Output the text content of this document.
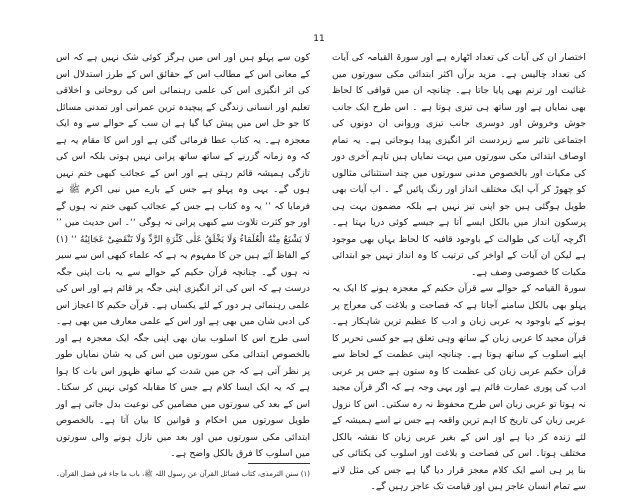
11

اختصار ان کی آیات کی تعداد اٹھارہ ہے اور سورۃ القیامہ کی آیات کی تعداد چالیس ہے۔ مزید برآں اکثر ابتدائی مکی سورتوں میں غنائیت اور ترنم بھی پایا جاتا ہے۔ چنانچہ ان میں قوافی کا لحاظ بھی نمایاں ہے اور ساتھ ہی تیزی ہوتا ہے ۔ اس طرح ایک جانب جوش وخروش اور دوسری جانب تیزی وروانی ان دونوں کی اجتماعی تاثیر سے زبردست اثر انگیزی پیدا ہوجاتی ہے۔ یہ تمام اوصاف ابتدائی مکی سورتوں میں بہت نمایاں ہیں تاہم آخری دور کی مکیات اور بالخصوص مدنی سورتوں میں چند استثنائی مثالوں کو چھوڑ کر آپ ایک مختلف انداز اور رنگ پائیں گے ۔ اب آیات بھی طویل ہوگئی ہیں جو اپنی تیز نہیں ہے بلکہ مضمون بہت ہی پرسکون انداز میں بالکل ایسے آتا ہے جیسے کوئی دریا بہتا ہے۔ اگرچہ آیات کی طوالت کے باوجود قافیہ کا لحاظ یہاں بھی موجود ہے لیکن ان آیات کے اواخر کی ترتیب کا وہ انداز نہیں جو ابتدائی مکیات کا خصوصی وصف ہے۔

سورۃ القیامہ کے حوالے سے قرآن حکیم کے معجزہ ہونے کا ایک یہ پہلو بھی بالکل سامنے آجاتا ہے کہ فصاحت و بلاغت کی معراج پر ہونے کے باوجود یہ عربی زبان و ادب کا عظیم ترین شاہکار ہے۔ قرآن مجید کا عربی زبان کے ساتھ وہی تعلق ہے جو کسی تحریر کا اپنے اسلوب کے ساتھ ہوتا ہے۔ چنانچہ اپنی عظمت کے لحاظ سے قرآن حکیم عربی زبان کی عظمت کا وہ ستون ہے جس پر عربی ادب کی پوری عمارت قائم ہے اور یہی وجہ ہے کہ اگر قرآن مجید نہ ہوتا تو عربی زبان اس طرح محفوظ نہ رہ سکتی۔ اس کا نزول عربی زبان کی تاریخ کا اہم ترین واقعہ ہے جس نے اسے ہمیشہ کے لئے زندہ کر دیا ہے اور اس کے بغیر عربی زبان کا نقشہ بالکل مختلف ہوتا۔ اس کی فصاحت و بلاغت اور اسلوب کی یکتائی کی بنا پر ہی اسے ایک کلام معجز قرار دیا گیا ہے جس کی مثل لانے سے تمام انسان عاجز ہیں اور قیامت تک عاجز رہیں گے۔

کون سے پہلو ہیں اور اس میں ہرگز کوئی شک نہیں ہے کہ اس کے معانی اس کے مطالب اس کے حقائق اس کے طرز استدلال اس کی اثر انگیزی اس کی علمی رہنمائی اس کی روحانی و اخلاقی تعلیم اور انسانی زندگی کے پیچیدہ ترین عمرانی اور تمدنی مسائل کا جو حل اس میں پیش کیا گیا ہے ان سب کے حوالے سے وہ ایک معجزہ ہے۔ یہ کتاب عطا فرمائی گئی ہے اور اس کا مقام یہ ہے کہ وہ زمانہ گزرنے کے ساتھ ساتھ پرانی نہیں ہوتی بلکہ اس کی تازگی ہمیشہ قائم رہتی ہے اور اس کے عجائب کبھی ختم نہیں ہوں گے۔ یہی وہ پہلو ہے جس کے بارے میں نبی اکرم ﷺ نے فرمایا کہ ’’ یہ وہ کتاب ہے جس کے عجائب کبھی ختم نہ ہوں گے اور جو کثرت تلاوت سے کبھی پرانی نہ ہوگی ‘‘۔ اس حدیث میں ’’ لَا یَشْبَعُ مِنْهُ الْعُلَمَاءُ وَلَا یَخْلَقُ عَلٰی کَثْرَةِ الرَّدِّ وَلَا تَنْقَضِیْ عَجَائِبُهُ ‘‘ (۱) کے الفاظ آئے ہیں جن کا مفہوم یہ ہے کہ علماء کبھی اس سے سیر نہ ہوں گے۔ چنانچہ قرآن حکیم کے حوالے سے یہ بات اپنی جگہ درست ہے کہ اس کی اثر انگیزی اپنی جگہ پر قائم ہے اور اس کی علمی رہنمائی ہر دور کے لئے یکساں ہے۔ قرآن حکیم کا اعجاز اس کی ادبی شان میں بھی ہے اور اس کے علمی معارف میں بھی ہے۔ اسی طرح اس کا اسلوب بیان بھی اپنی جگہ ایک معجزہ ہے اور بالخصوص ابتدائی مکی سورتوں میں اس کی یہ شان نمایاں طور پر نظر آتی ہے کہ جن میں شدت کے ساتھ ظہور اس بات کا ہوا ہے کہ یہ ایک ایسا کلام ہے جس کا مقابلہ کوئی نہیں کر سکتا۔ اس کے بعد کی سورتوں میں مضامین کی نوعیت بدل جاتی ہے اور طویل سورتوں میں احکام و قوانین کا بیان آتا ہے۔ بالخصوص ابتدائی مکی سورتوں میں اور بعد میں نازل ہونے والی سورتوں میں اسلوب کا فرق بالکل واضح ہے۔

(۱) سنن الترمذی، کتاب فضائل القرآن عن رسول اللہ ﷺ، باب ما جاء فی فضل القرآن۔
